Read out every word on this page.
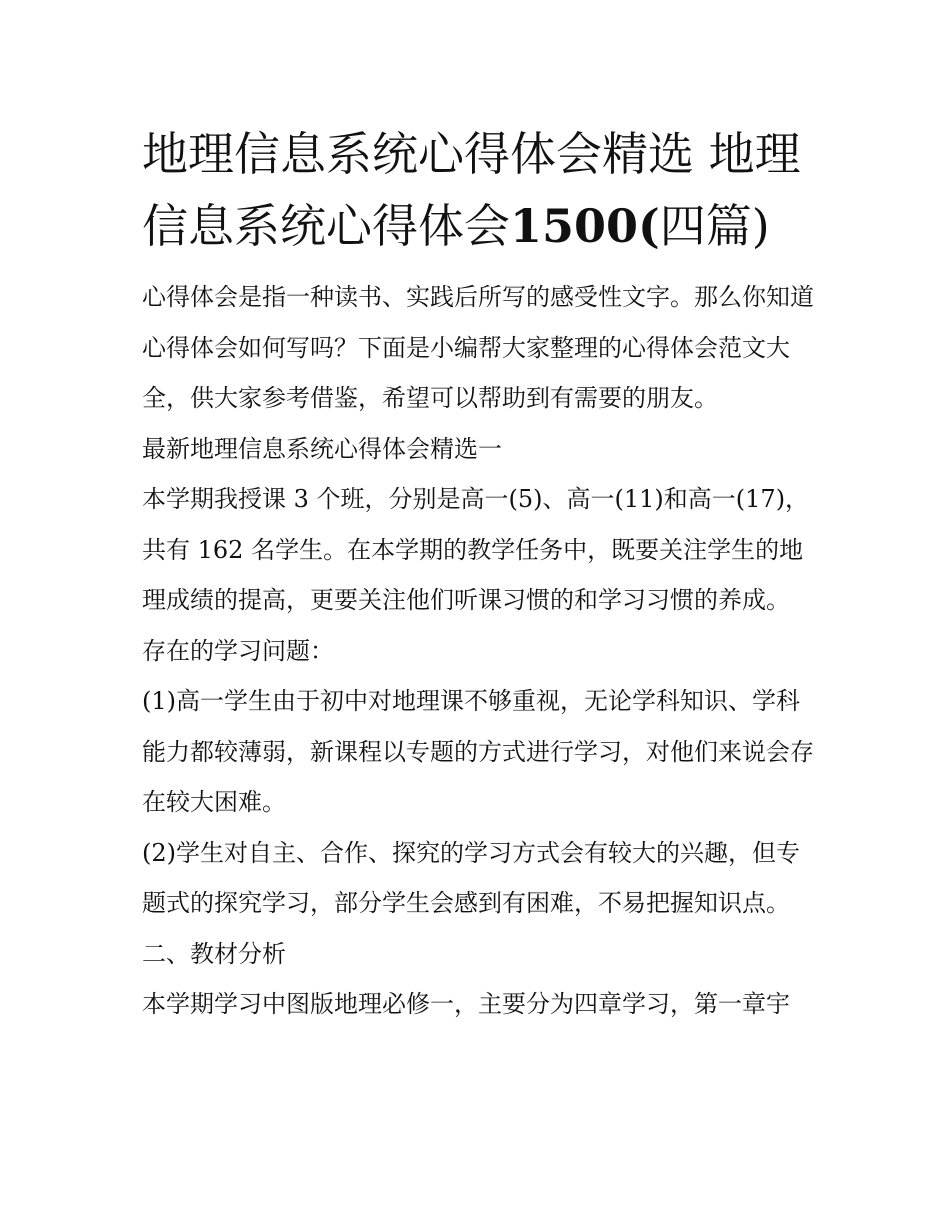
地理信息系统心得体会精选 地理信息系统心得体会1500(四篇)

心得体会是指一种读书、实践后所写的感受性文字。那么你知道心得体会如何写吗？下面是小编帮大家整理的心得体会范文大全，供大家参考借鉴，希望可以帮助到有需要的朋友。

最新地理信息系统心得体会精选一

本学期我授课 3 个班，分别是高一(5)、高一(11)和高一(17)，共有 162 名学生。在本学期的教学任务中，既要关注学生的地理成绩的提高，更要关注他们听课习惯的和学习习惯的养成。

存在的学习问题：

(1)高一学生由于初中对地理课不够重视，无论学科知识、学科能力都较薄弱，新课程以专题的方式进行学习，对他们来说会存在较大困难。

(2)学生对自主、合作、探究的学习方式会有较大的兴趣，但专题式的探究学习，部分学生会感到有困难，不易把握知识点。 二、教材分析

本学期学习中图版地理必修一，主要分为四章学习，第一章宇
